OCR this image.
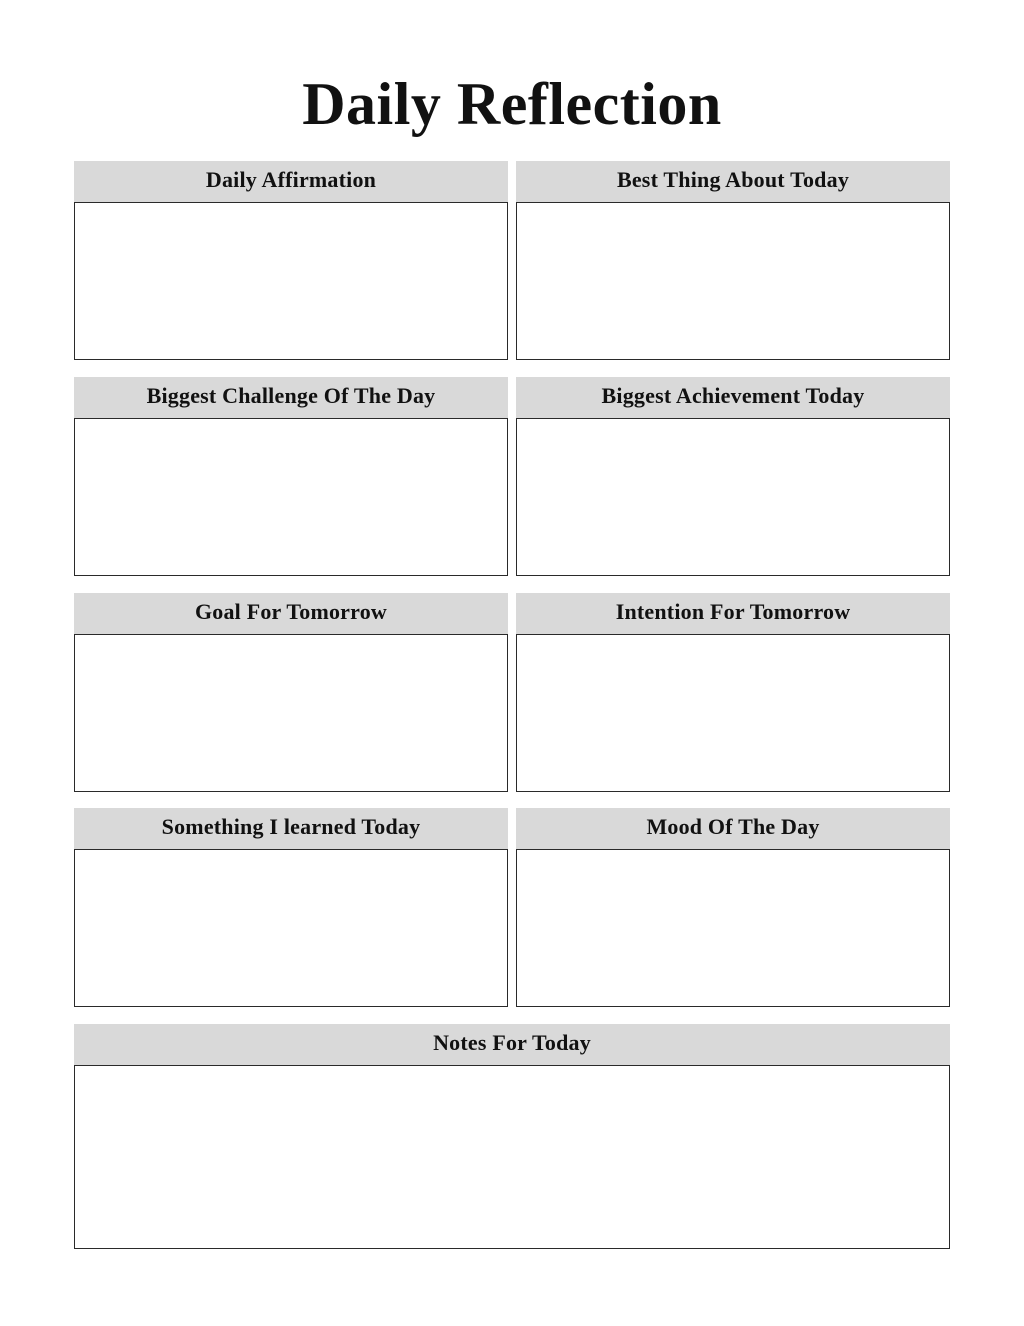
Daily Reflection
Daily Affirmation	Best Thing About Today
Biggest Challenge Of The Day	Biggest Achievement Today
Goal For Tomorrow	Intention For Tomorrow
Something I learned Today	Mood Of The Day
Notes For Today
